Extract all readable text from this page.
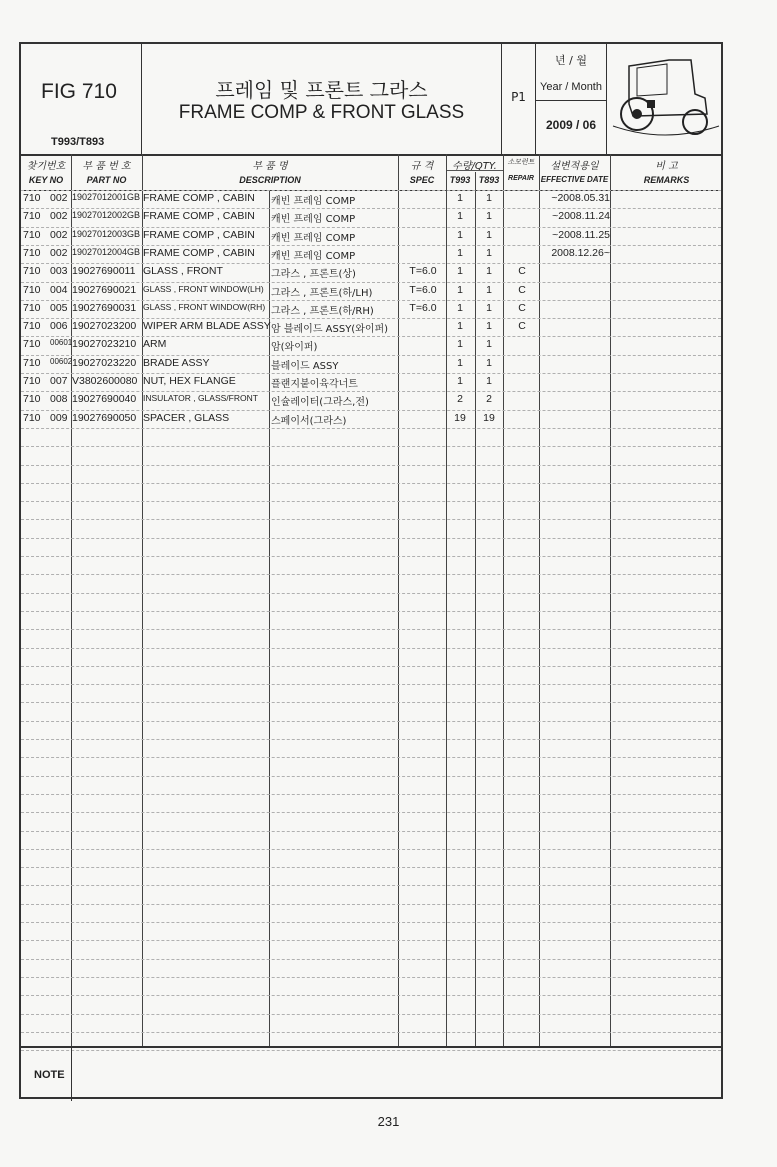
FIG 710
T993/T893
프레임 및 프론트 그라스
FRAME COMP & FRONT GLASS
P1
년 / 월
Year / Month
2009 / 06
찾기번호
KEY NO
부 품 번 호
PART NO
부 품 명
DESCRIPTION
규 격
SPEC
수량/QTY.
T993 T893
소모런트
REPAIR
설변적용일
EFFECTIVE DATE
비 고
REMARKS
710 002 19027012001GB FRAME COMP , CABIN 캐빈 프레임 COMP	1	1	~2008.05.31
710 002 19027012002GB FRAME COMP , CABIN 캐빈 프레임 COMP	1	1	~2008.11.24
710 002 19027012003GB FRAME COMP , CABIN 캐빈 프레임 COMP	1	1	~2008.11.25
710 002 19027012004GB FRAME COMP , CABIN 캐빈 프레임 COMP	1	1	2008.12.26~
710 003 19027690011 GLASS , FRONT	그라스 , 프론트(상)	T=6.0	1	1	C
710 004 19027690021 GLASS , FRONT WINDOW(LH) 그라스 , 프론트(하/LH)	T=6.0	1	1	C
710 005 19027690031 GLASS , FRONT WINDOW(RH) 그라스 , 프론트(하/RH)	T=6.0	1	1	C
710 006 19027023200 WIPER ARM BLADE ASSY 암 블레이드 ASSY(와이퍼)	1	1	C
710 00601 19027023210 ARM	암(와이퍼)	1	1
710 00602 19027023220 BRADE ASSY	블레이드 ASSY	1	1
710 007 V3802600080 NUT, HEX FLANGE	플랜지붙이육각너트	1	1
710 008 19027690040 INSULATOR , GLASS/FRONT 인슐레이터(그라스,전)	2	2
710 009 19027690050 SPACER , GLASS	스페이서(그라스)	19	19
NOTE
231
